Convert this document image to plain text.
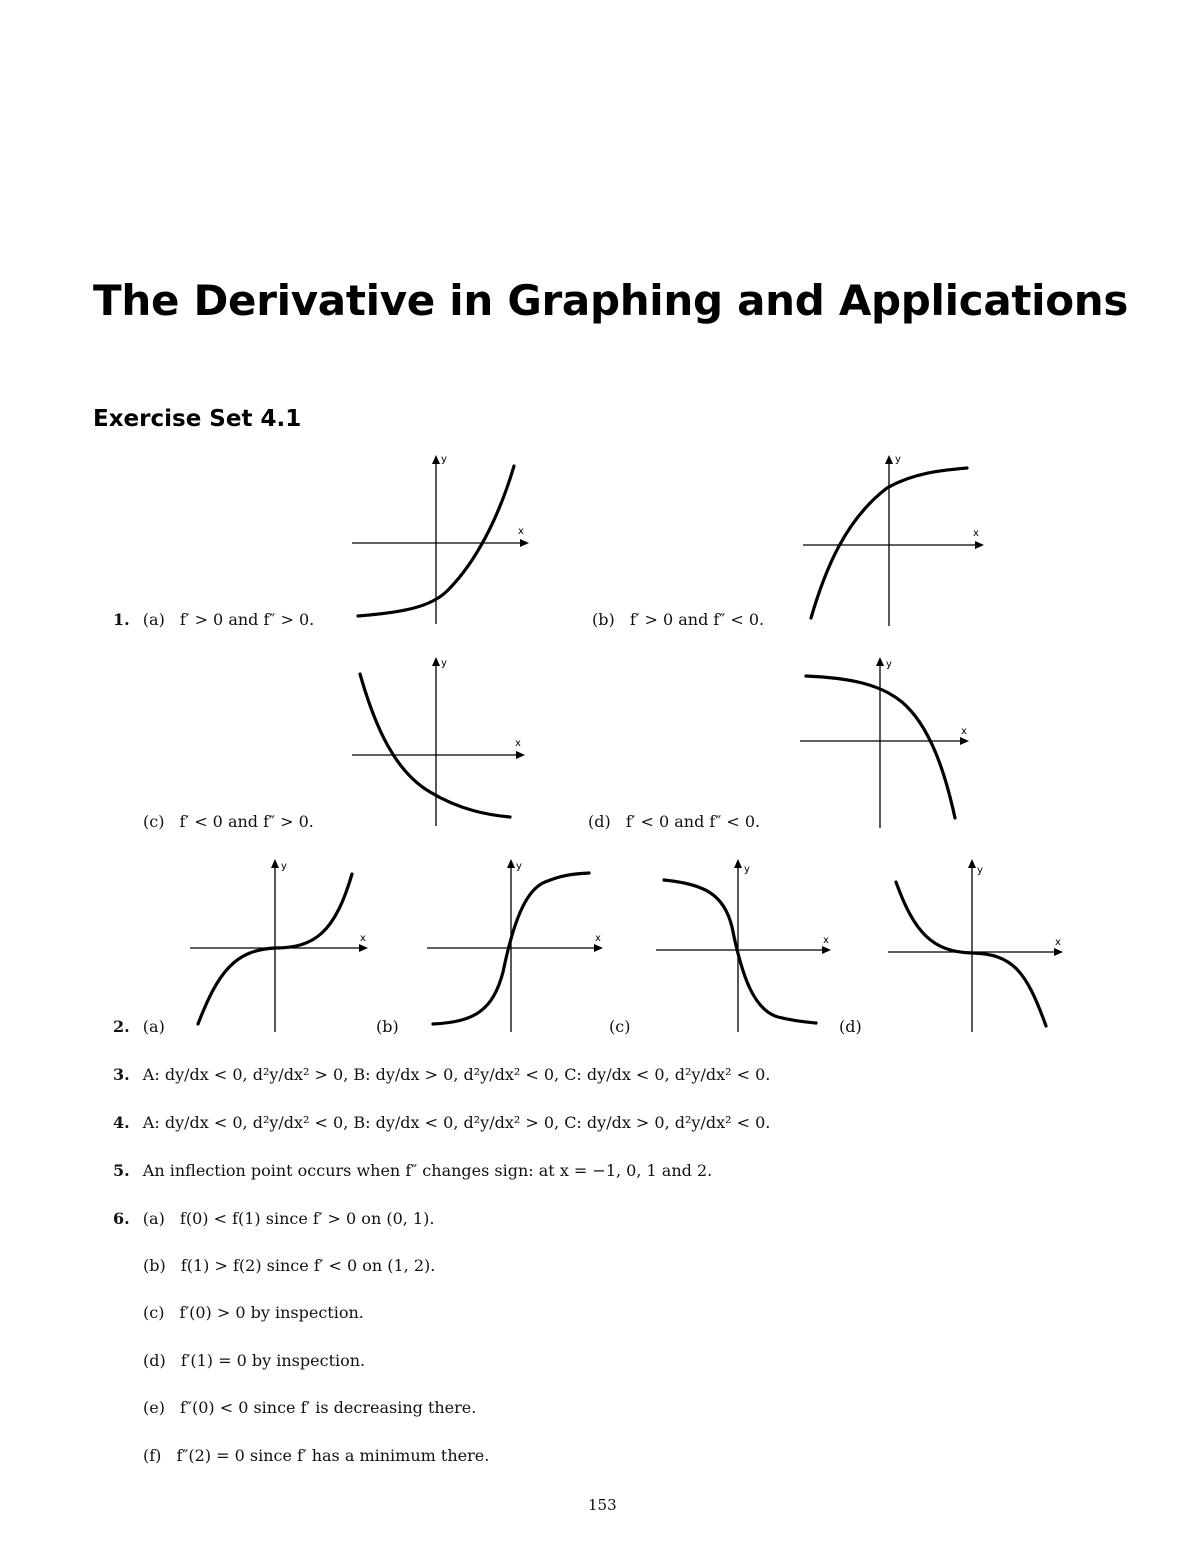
The Derivative in Graphing and Applications
Exercise Set 4.1
x
y
x
y
x
y
x
y
x
y
x
y
x
y
x
y
1. (a) f′ > 0 and f″ > 0.	(b) f′ > 0 and f″ < 0.
(c) f′ < 0 and f″ > 0.	(d) f′ < 0 and f″ < 0.
2. (a)	(b)	(c)	(d)
3. A: dy/dx < 0, d²y/dx² > 0, B: dy/dx > 0, d²y/dx² < 0, C: dy/dx < 0, d²y/dx² < 0.
4. A: dy/dx < 0, d²y/dx² < 0, B: dy/dx < 0, d²y/dx² > 0, C: dy/dx > 0, d²y/dx² < 0.
5. An inflection point occurs when f″ changes sign: at x = −1, 0, 1 and 2.
6. (a) f(0) < f(1) since f′ > 0 on (0, 1).
(b) f(1) > f(2) since f′ < 0 on (1, 2).
(c) f′(0) > 0 by inspection.
(d) f′(1) = 0 by inspection.
(e) f″(0) < 0 since f′ is decreasing there.
(f) f″(2) = 0 since f′ has a minimum there.
153
